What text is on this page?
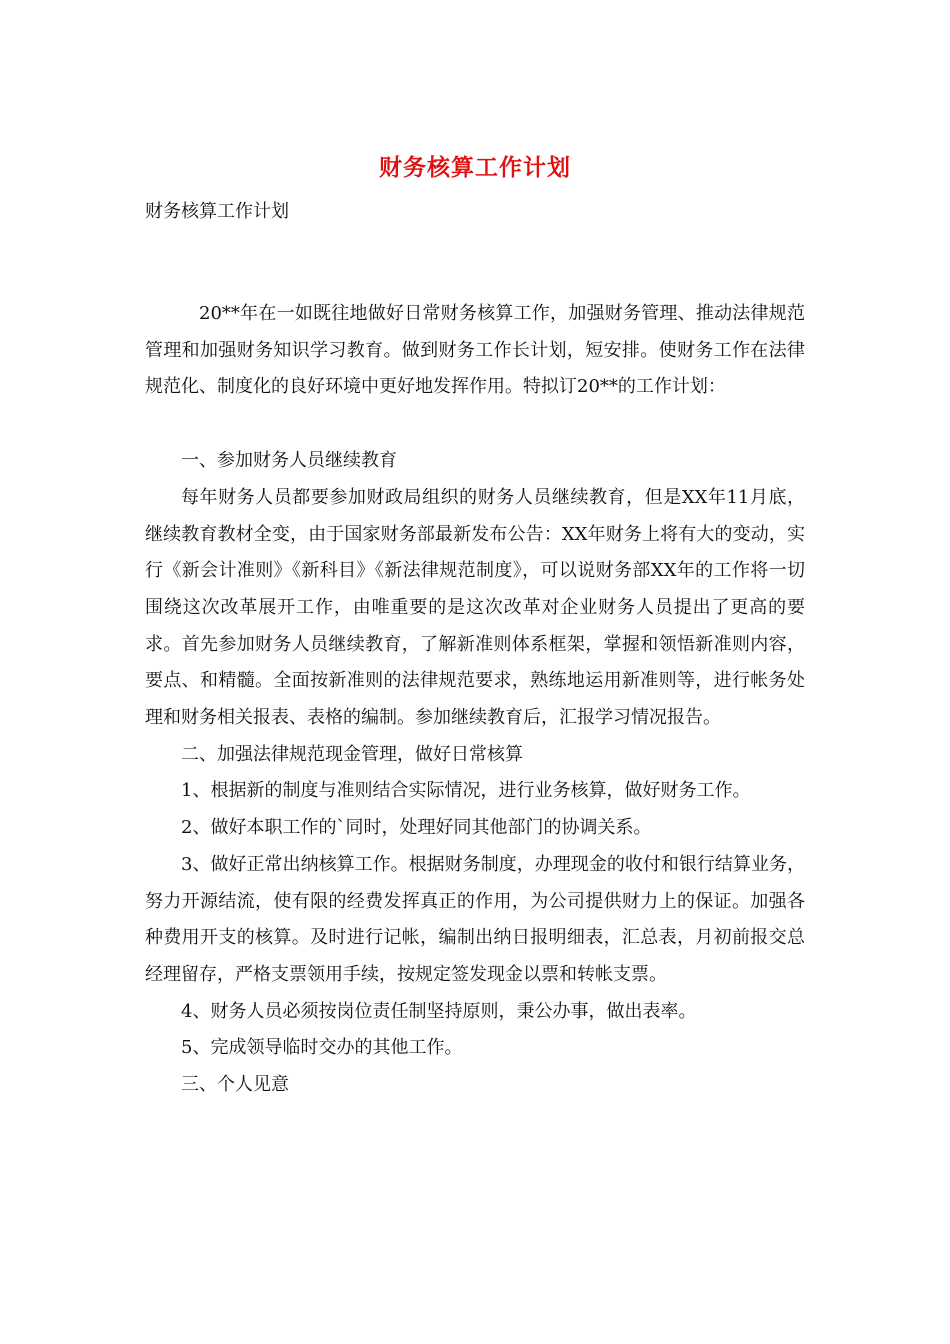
财务核算工作计划
财务核算工作计划

20**年在一如既往地做好日常财务核算工作，加强财务管理、推动法律规范管理和加强财务知识学习教育。做到财务工作长计划，短安排。使财务工作在法律规范化、制度化的良好环境中更好地发挥作用。特拟订20**的工作计划：

一、参加财务人员继续教育

每年财务人员都要参加财政局组织的财务人员继续教育，但是XX年11月底，继续教育教材全变，由于国家财务部最新发布公告：XX年财务上将有大的变动，实行《新会计准则》《新科目》《新法律规范制度》，可以说财务部XX年的工作将一切围绕这次改革展开工作，由唯重要的是这次改革对企业财务人员提出了更高的要求。首先参加财务人员继续教育，了解新准则体系框架，掌握和领悟新准则内容，要点、和精髓。全面按新准则的法律规范要求，熟练地运用新准则等，进行帐务处理和财务相关报表、表格的编制。参加继续教育后，汇报学习情况报告。

二、加强法律规范现金管理，做好日常核算

1、根据新的制度与准则结合实际情况，进行业务核算，做好财务工作。

2、做好本职工作的`同时，处理好同其他部门的协调关系。

3、做好正常出纳核算工作。根据财务制度，办理现金的收付和银行结算业务，努力开源结流，使有限的经费发挥真正的作用，为公司提供财力上的保证。加强各种费用开支的核算。及时进行记帐，编制出纳日报明细表，汇总表，月初前报交总经理留存，严格支票领用手续，按规定签发现金以票和转帐支票。

4、财务人员必须按岗位责任制坚持原则，秉公办事，做出表率。

5、完成领导临时交办的其他工作。

三、个人见意
